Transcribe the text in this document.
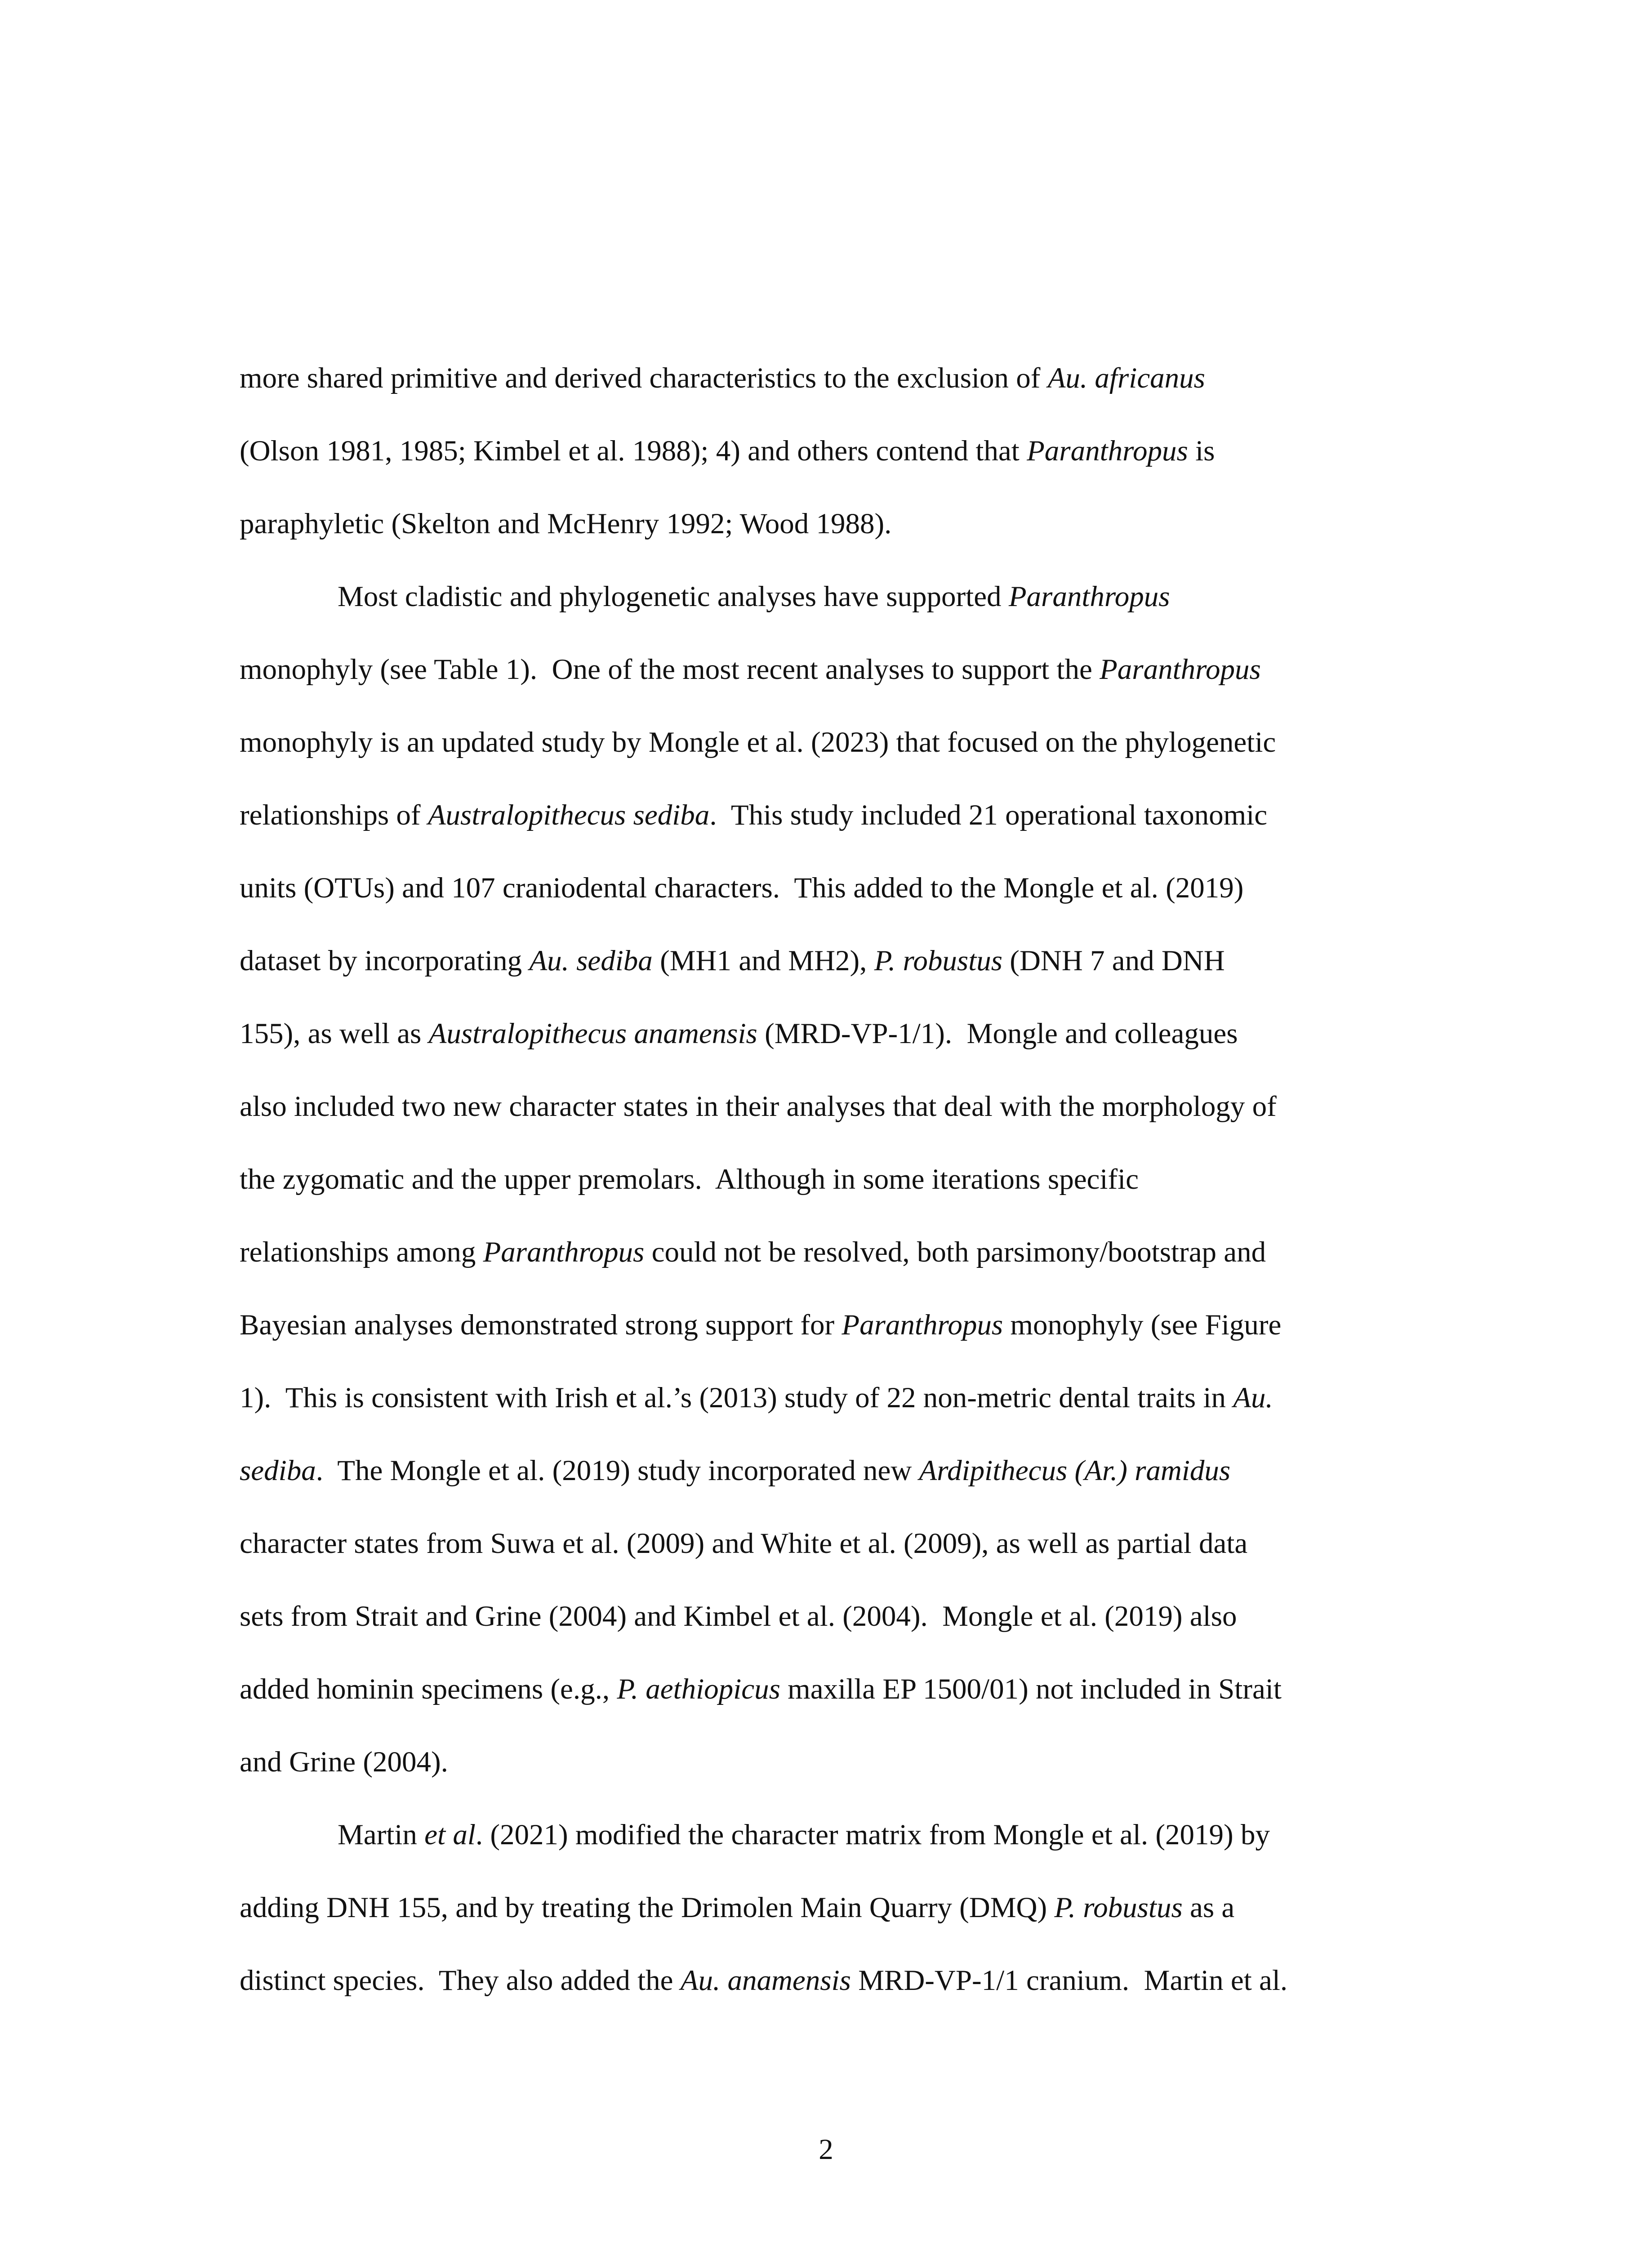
more shared primitive and derived characteristics to the exclusion of Au. africanus
(Olson 1981, 1985; Kimbel et al. 1988); 4) and others contend that Paranthropus is
paraphyletic (Skelton and McHenry 1992; Wood 1988).
Most cladistic and phylogenetic analyses have supported Paranthropus
monophyly (see Table 1).  One of the most recent analyses to support the Paranthropus
monophyly is an updated study by Mongle et al. (2023) that focused on the phylogenetic
relationships of Australopithecus sediba.  This study included 21 operational taxonomic
units (OTUs) and 107 craniodental characters.  This added to the Mongle et al. (2019)
dataset by incorporating Au. sediba (MH1 and MH2), P. robustus (DNH 7 and DNH
155), as well as Australopithecus anamensis (MRD-VP-1/1).  Mongle and colleagues
also included two new character states in their analyses that deal with the morphology of
the zygomatic and the upper premolars.  Although in some iterations specific
relationships among Paranthropus could not be resolved, both parsimony/bootstrap and
Bayesian analyses demonstrated strong support for Paranthropus monophyly (see Figure
1).  This is consistent with Irish et al.’s (2013) study of 22 non-metric dental traits in Au.
sediba.  The Mongle et al. (2019) study incorporated new Ardipithecus (Ar.) ramidus
character states from Suwa et al. (2009) and White et al. (2009), as well as partial data
sets from Strait and Grine (2004) and Kimbel et al. (2004).  Mongle et al. (2019) also
added hominin specimens (e.g., P. aethiopicus maxilla EP 1500/01) not included in Strait
and Grine (2004).
Martin et al. (2021) modified the character matrix from Mongle et al. (2019) by
adding DNH 155, and by treating the Drimolen Main Quarry (DMQ) P. robustus as a
distinct species.  They also added the Au. anamensis MRD-VP-1/1 cranium.  Martin et al.
2
